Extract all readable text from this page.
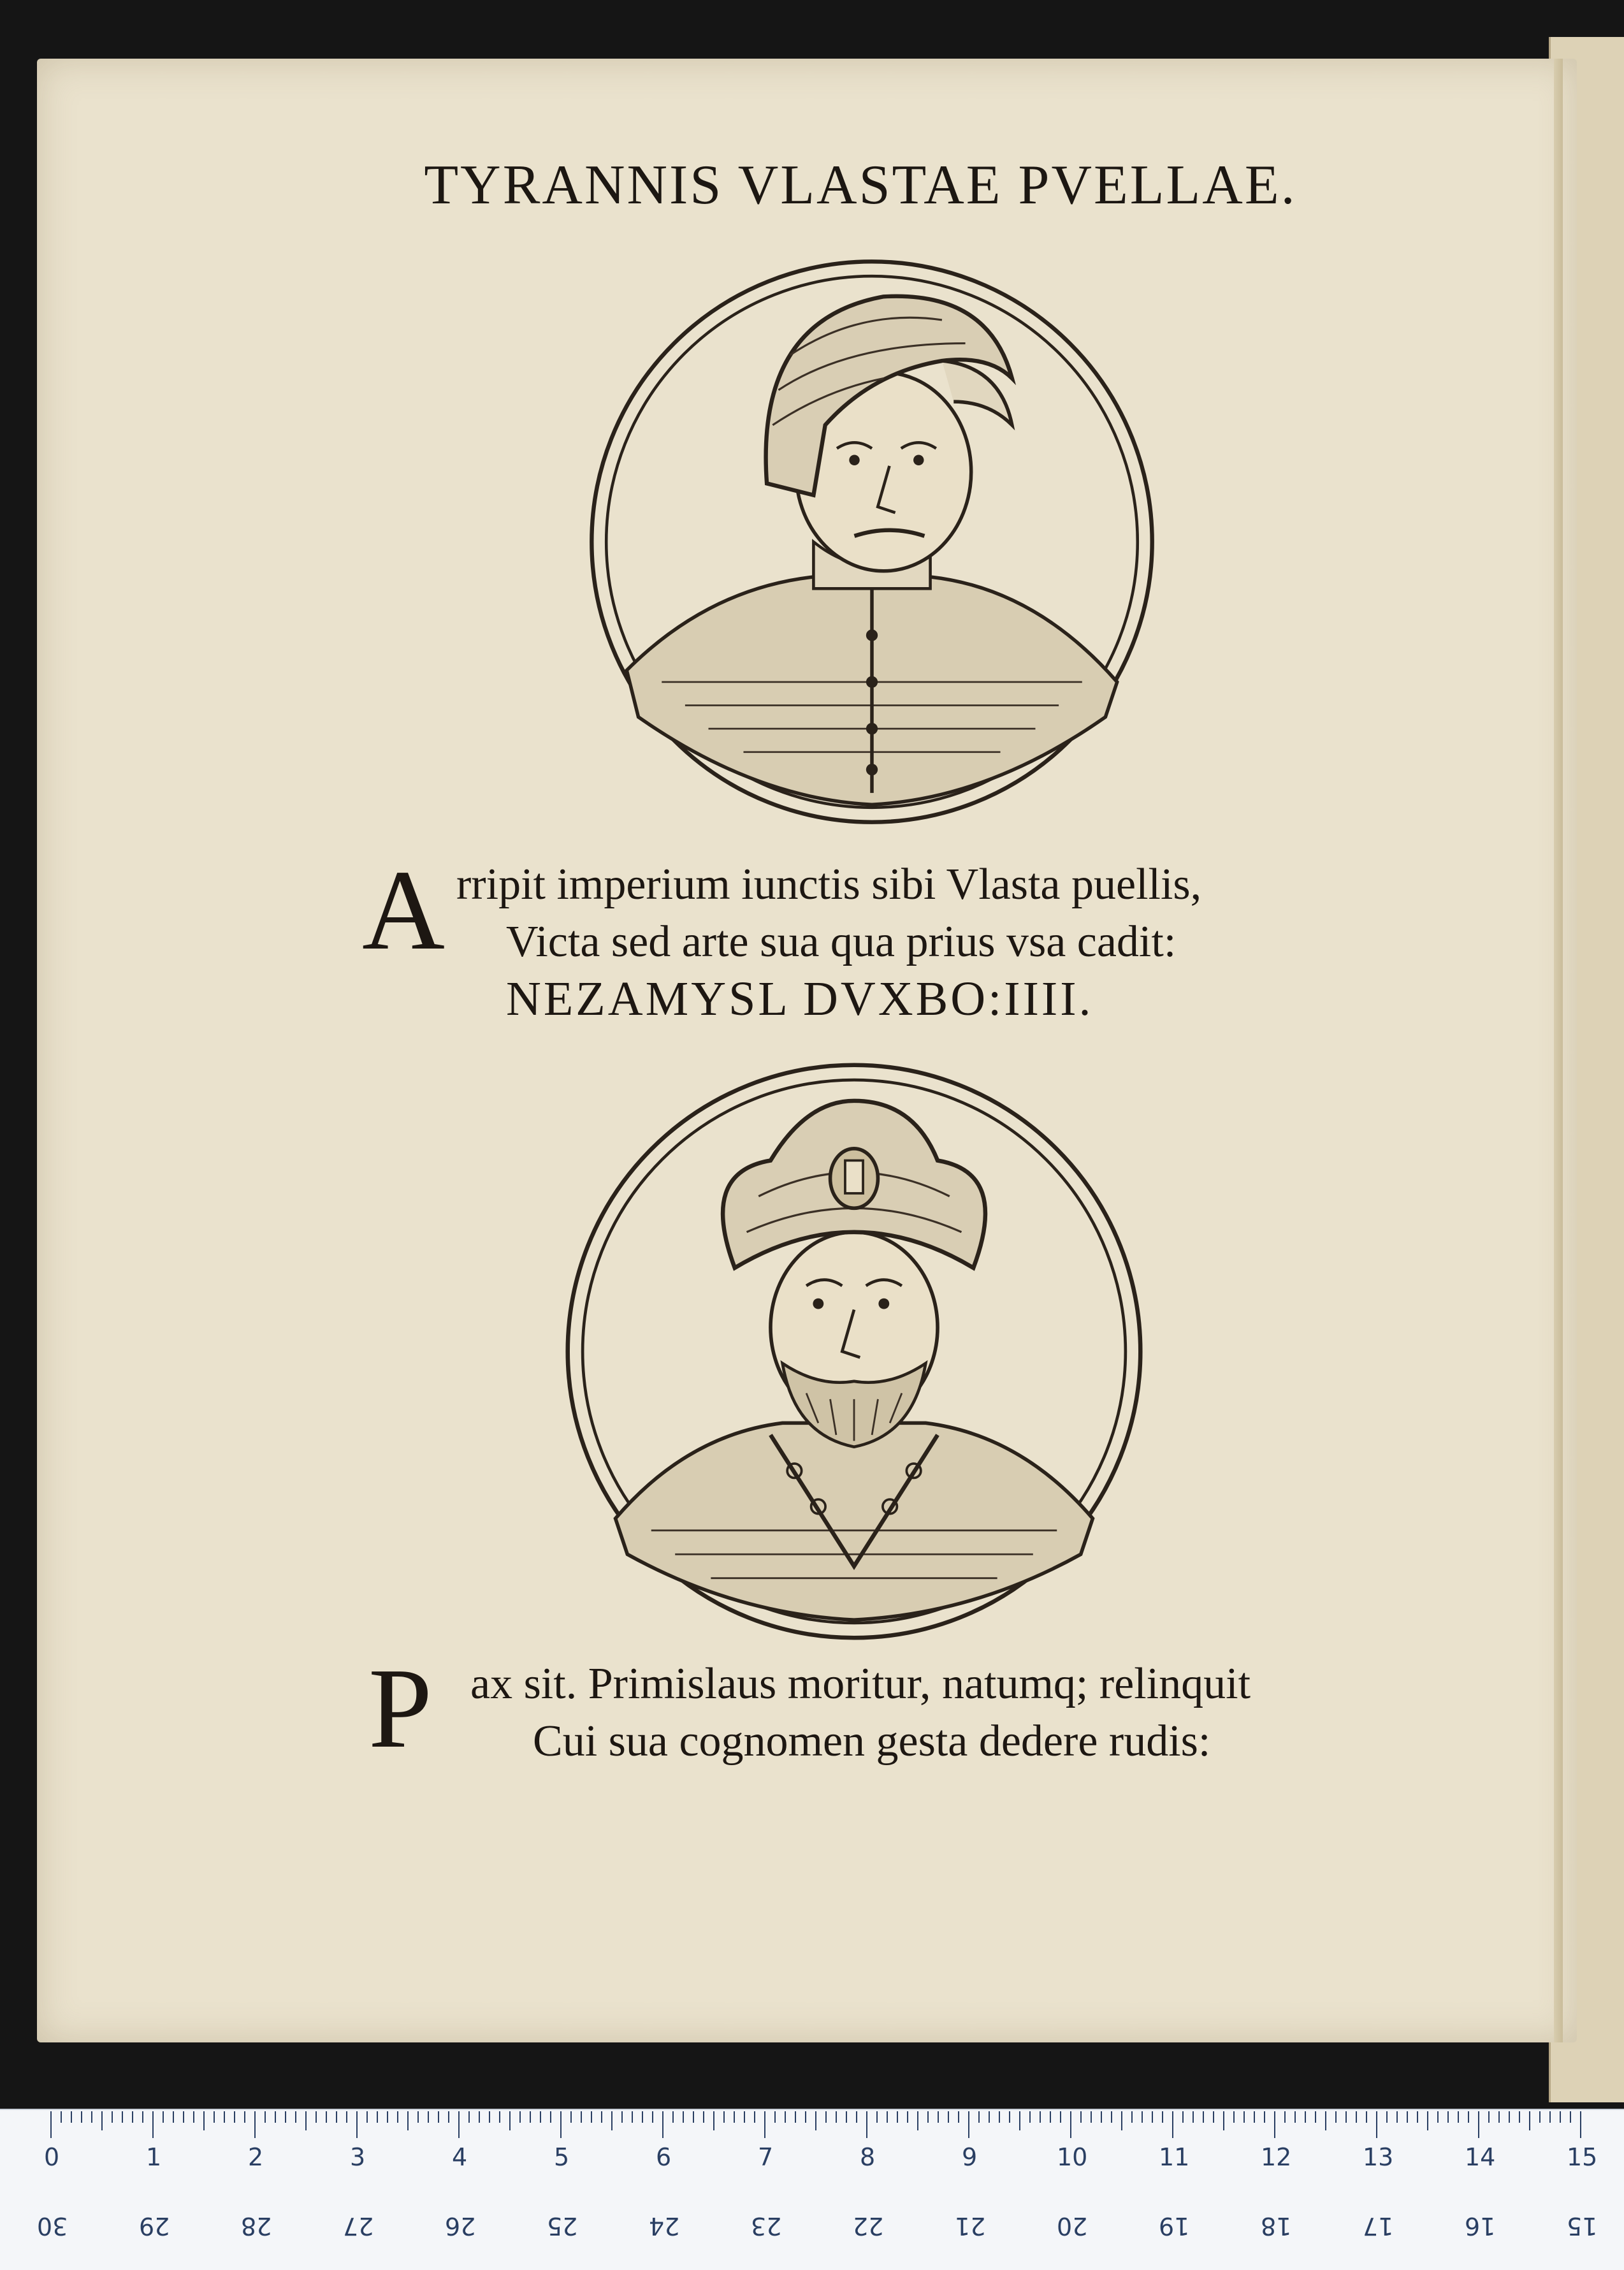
TYRANNIS VLASTAE PVELLAE.
A rripit imperium iunctis sibi Vlasta puellis,
Victa sed arte sua qua prius vsa cadit:
NEZAMYSL DVXBO:IIII.
P ax sit. Primislaus moritur, natumq; relinquit
Cui sua cognomen gesta dedere rudis:
0	1	2	3	4	5	6	7	8	9	10	11	12	13	14	15
30	29	28	27	26	25	24	23	22	21	20	19	18	17	16	15
